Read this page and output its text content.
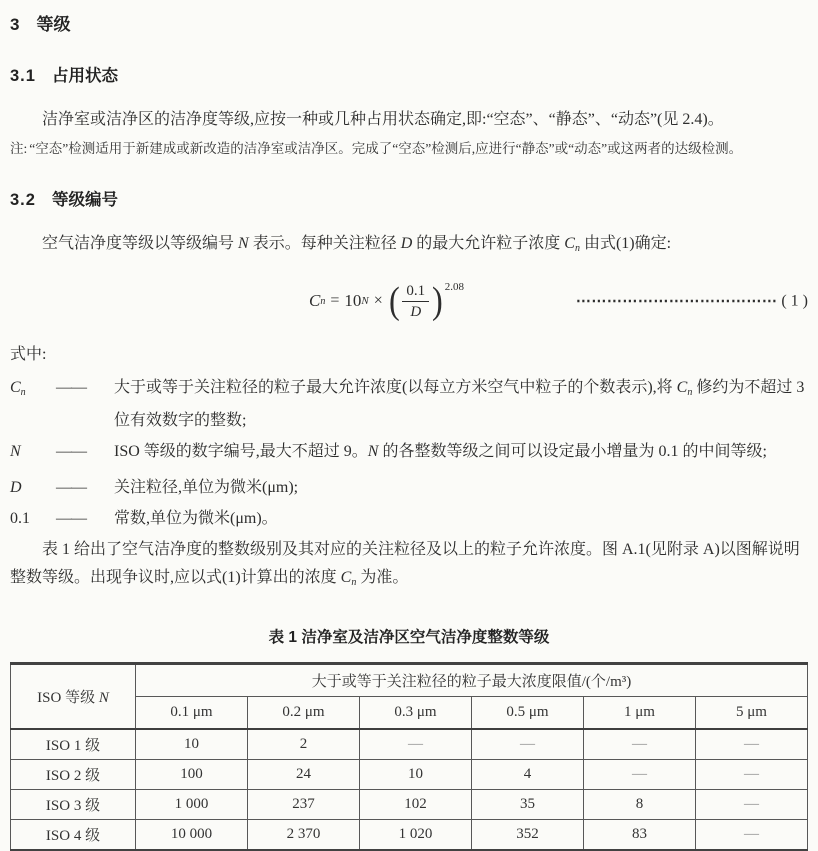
3 等级
3.1 占用状态

洁净室或洁净区的洁净度等级,应按一种或几种占用状态确定,即:“空态”、“静态”、“动态”(见 2.4)。

注: “空态”检测适用于新建成或新改造的洁净室或洁净区。完成了“空态”检测后,应进行“静态”或“动态”或这两者的达级检测。

3.2 等级编号

空气洁净度等级以等级编号 N 表示。每种关注粒径 D 的最大允许粒子浓度 $C_n$ 由式(1)确定:

C n = 10 N × ( $\frac{0.1}{D} )^{2.08}$
⋯⋯⋯⋯⋯⋯⋯⋯⋯⋯⋯⋯⋯ ( 1 )

式中:

$C_n$	——	大于或等于关注粒径的粒子最大允许浓度(以每立方米空气中粒子的个数表示),将 $C_n$ 修约为不超过 3 位有效数字的整数;
N	——	ISO 等级的数字编号,最大不超过 9。N 的各整数等级之间可以设定最小增量为 0.1 的中间等级;
D	——	关注粒径,单位为微米(μm);
0.1	——	常数,单位为微米(μm)。

表 1 给出了空气洁净度的整数级别及其对应的关注粒径及以上的粒子允许浓度。图 A.1(见附录 A)以图解说明整数等级。出现争议时,应以式(1)计算出的浓度 $C_n$ 为准。

表 1 洁净室及洁净区空气洁净度整数等级
ISO 等级 N	大于或等于关注粒径的粒子最大浓度限值/(个/m³)					
	0.1 μm	0.2 μm	0.3 μm	0.5 μm	1 μm	5 μm
ISO 1 级	10	2	—	—	—	—
ISO 2 级	100	24	10	4	—	—
ISO 3 级	1 000	237	102	35	8	—
ISO 4 级	10 000	2 370	1 020	352	83	—
